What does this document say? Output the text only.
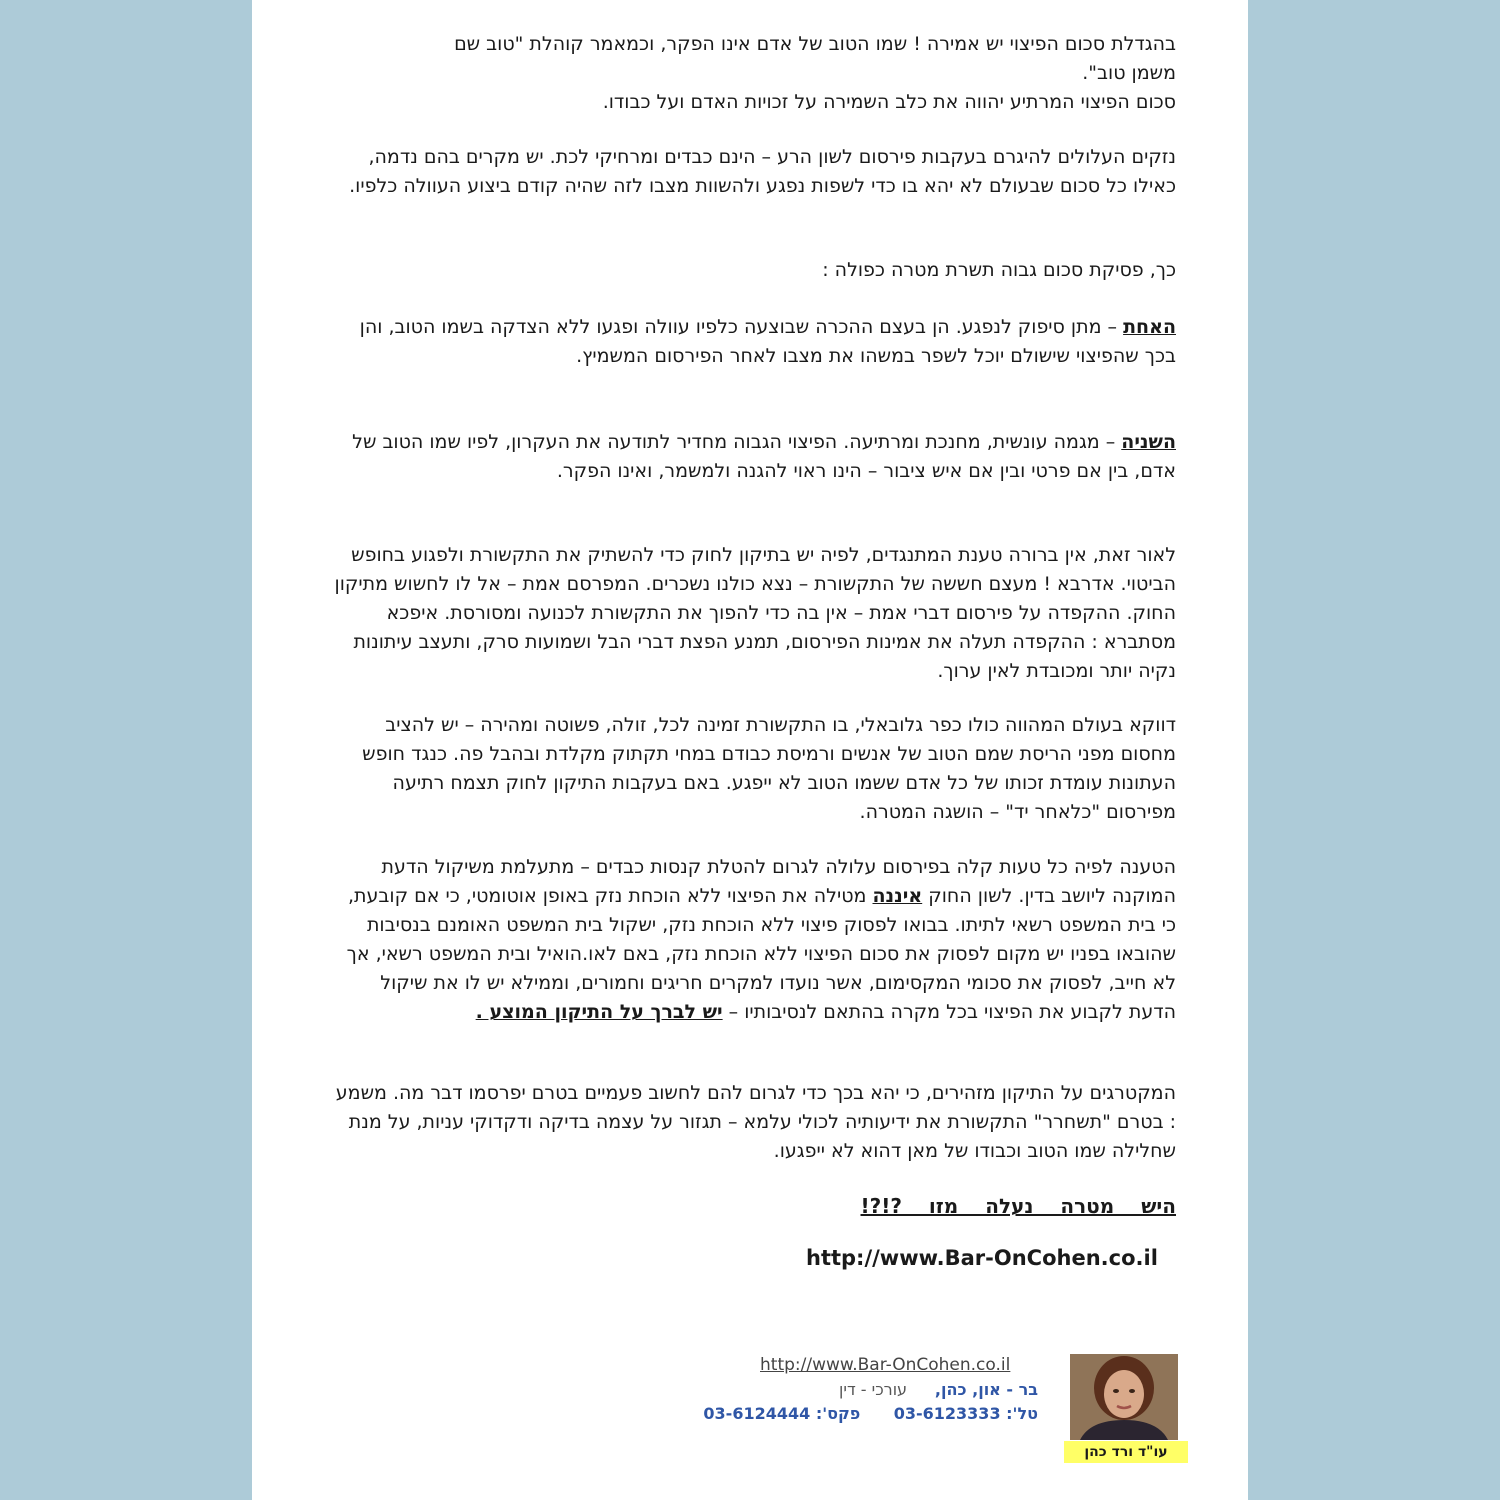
בהגדלת סכום הפיצוי יש אמירה ! שמו הטוב של אדם אינו הפקר, וכמאמר קוהלת "טוב שם

משמן טוב".

סכום הפיצוי המרתיע יהווה את כלב השמירה על זכויות האדם ועל כבודו.

נזקים העלולים להיגרם בעקבות פירסום לשון הרע – הינם כבדים ומרחיקי לכת. יש מקרים בהם נדמה, כאילו כל סכום שבעולם לא יהא בו כדי לשפות נפגע ולהשוות מצבו לזה שהיה קודם ביצוע העוולה כלפיו.

כך, פסיקת סכום גבוה תשרת מטרה כפולה :

האחת – מתן סיפוק לנפגע. הן בעצם ההכרה שבוצעה כלפיו עוולה ופגעו ללא הצדקה בשמו הטוב, והן בכך שהפיצוי שישולם יוכל לשפר במשהו את מצבו לאחר הפירסום המשמיץ.

השניה – מגמה עונשית, מחנכת ומרתיעה. הפיצוי הגבוה מחדיר לתודעה את העקרון, לפיו שמו הטוב של אדם, בין אם פרטי ובין אם איש ציבור – הינו ראוי להגנה ולמשמר, ואינו הפקר.

לאור זאת, אין ברורה טענת המתנגדים, לפיה יש בתיקון לחוק כדי להשתיק את התקשורת ולפגוע בחופש הביטוי. אדרבא ! מעצם חששה של התקשורת – נצא כולנו נשכרים. המפרסם אמת – אל לו לחשוש מתיקון החוק. ההקפדה על פירסום דברי אמת – אין בה כדי להפוך את התקשורת לכנועה ומסורסת. איפכא מסתברא : ההקפדה תעלה את אמינות הפירסום, תמנע הפצת דברי הבל ושמועות סרק, ותעצב עיתונות נקיה יותר ומכובדת לאין ערוך.

דווקא בעולם המהווה כולו כפר גלובאלי, בו התקשורת זמינה לכל, זולה, פשוטה ומהירה – יש להציב מחסום מפני הריסת שמם הטוב של אנשים ורמיסת כבודם במחי תקתוק מקלדת ובהבל פה. כנגד חופש העתונות עומדת זכותו של כל אדם ששמו הטוב לא ייפגע. באם בעקבות התיקון לחוק תצמח רתיעה מפירסום "כלאחר יד" – הושגה המטרה.

הטענה לפיה כל טעות קלה בפירסום עלולה לגרום להטלת קנסות כבדים – מתעלמת משיקול הדעת המוקנה ליושב בדין. לשון החוק איננה מטילה את הפיצוי ללא הוכחת נזק באופן אוטומטי, כי אם קובעת, כי בית המשפט רשאי לתיתו. בבואו לפסוק פיצוי ללא הוכחת נזק, ישקול בית המשפט האומנם בנסיבות שהובאו בפניו יש מקום לפסוק את סכום הפיצוי ללא הוכחת נזק, באם לאו.הואיל ובית המשפט רשאי, אך לא חייב, לפסוק את סכומי המקסימום, אשר נועדו למקרים חריגים וחמורים, וממילא יש לו את שיקול הדעת לקבוע את הפיצוי בכל מקרה בהתאם לנסיבותיו – יש לברך על התיקון המוצע .

המקטרגים על התיקון מזהירים, כי יהא בכך כדי לגרום להם לחשוב פעמיים בטרם יפרסמו דבר מה. משמע : בטרם "תשחרר" התקשורת את ידיעותיה לכולי עלמא – תגזור על עצמה בדיקה ודקדוקי עניות, על מנת שחלילה שמו הטוב וכבודו של מאן דהוא לא ייפגעו.

היש מטרה נעלה מזו ?!?!

http://www.Bar-OnCohen.co.il
http://www.Bar-OnCohen.co.il
בר - און, כהן,     עורכי - דין
טל': 03-6123333      פקס': 03-6124444
עו"ד ורד כהן
